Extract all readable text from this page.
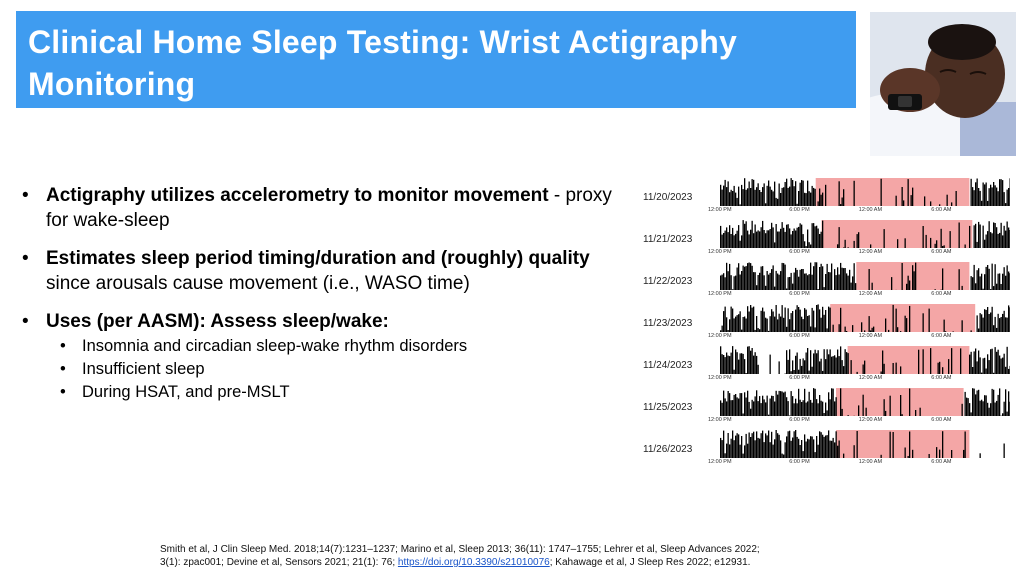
Clinical Home Sleep Testing: Wrist Actigraphy Monitoring
• Actigraphy utilizes accelerometry to monitor movement - proxy for wake-sleep
• Estimates sleep period timing/duration and (roughly) quality since arousals cause movement (i.e., WASO time)
• Uses (per AASM): Assess sleep/wake:
• Insomnia and circadian sleep-wake rhythm disorders
• Insufficient sleep
• During HSAT, and pre-MSLT
11/20/2023
12:00 PM	6:00 PM	12:00 AM	6:00 AM
11/21/2023
12:00 PM	6:00 PM	12:00 AM	6:00 AM
11/22/2023
12:00 PM	6:00 PM	12:00 AM	6:00 AM
11/23/2023
12:00 PM	6:00 PM	12:00 AM	6:00 AM
11/24/2023
12:00 PM	6:00 PM	12:00 AM	6:00 AM
11/25/2023
12:00 PM	6:00 PM	12:00 AM	6:00 AM
11/26/2023
12:00 PM	6:00 PM	12:00 AM	6:00 AM
Smith et al, J Clin Sleep Med. 2018;14(7):1231–1237; Marino et al, Sleep 2013; 36(11): 1747–1755; Lehrer et al, Sleep Advances 2022;
3(1): zpac001; Devine et al, Sensors 2021; 21(1): 76; https://doi.org/10.3390/s21010076; Kahawage et al, J Sleep Res 2022; e12931.
